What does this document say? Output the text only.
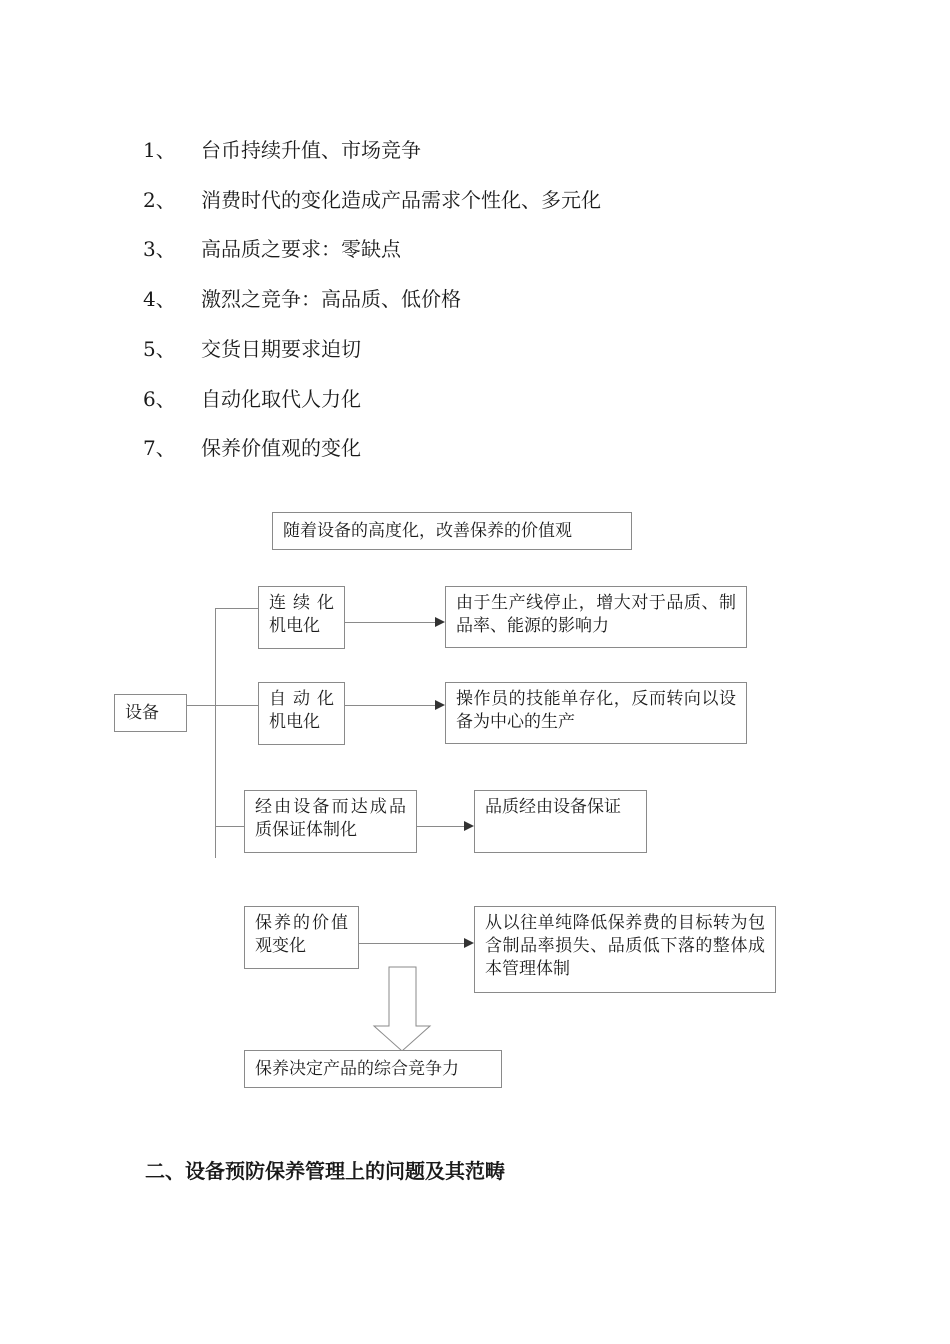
1、 台币持续升值、市场竞争
2、 消费时代的变化造成产品需求个性化、多元化
3、 高品质之要求：零缺点
4、 激烈之竞争：高品质、低价格
5、 交货日期要求迫切
6、 自动化取代人力化
7、 保养价值观的变化
随着设备的高度化，改善保养的价值观
设备
连续化机电化
由于生产线停止，增大对于品质、制品率、能源的影响力
自动化机电化
操作员的技能单存化，反而转向以设备为中心的生产
经由设备而达成品质保证体制化
品质经由设备保证
保养的价值观变化
从以往单纯降低保养费的目标转为包含制品率损失、品质低下落的整体成本管理体制
保养决定产品的综合竞争力
二、设备预防保养管理上的问题及其范畴
